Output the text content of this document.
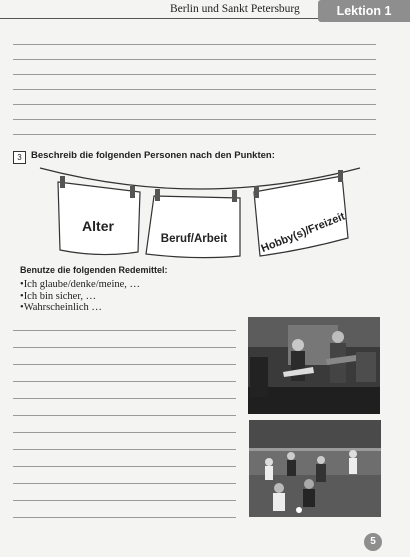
Berlin und Sankt Petersburg	Lektion 1
3 Beschreib die folgenden Personen nach den Punkten:
Alter
Beruf/Arbeit	Hobby(s)/Freizeit
Benutze die folgenden Redemittel:
• Ich glaube/denke/meine, …
• Ich bin sicher, …
• Wahrscheinlich …
5
